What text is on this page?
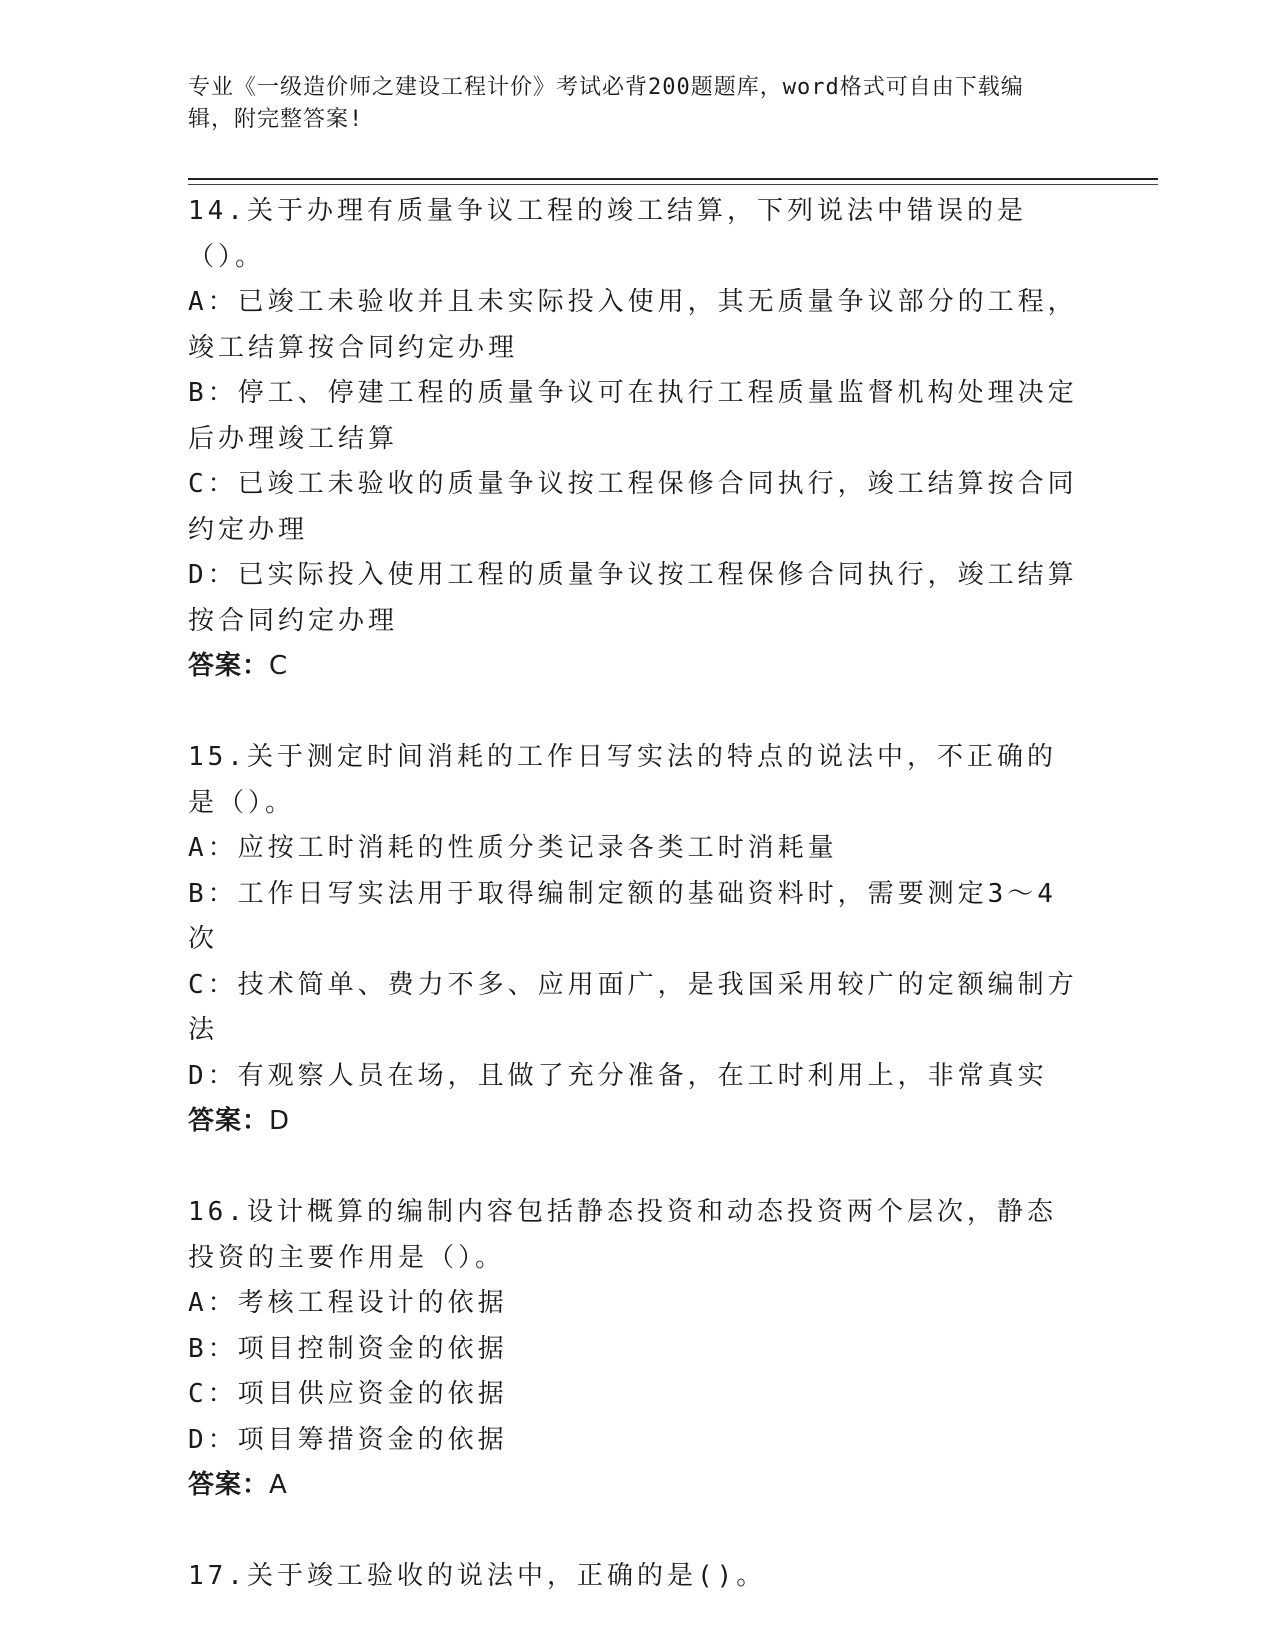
专业《一级造价师之建设工程计价》考试必背200题题库，word格式可自由下载编辑，附完整答案!

14.关于办理有质量争议工程的竣工结算，下列说法中错误的是（）。

A：已竣工未验收并且未实际投入使用，其无质量争议部分的工程，竣工结算按合同约定办理

B：停工、停建工程的质量争议可在执行工程质量监督机构处理决定后办理竣工结算

C：已竣工未验收的质量争议按工程保修合同执行，竣工结算按合同约定办理

D：已实际投入使用工程的质量争议按工程保修合同执行，竣工结算按合同约定办理

答案：C

15.关于测定时间消耗的工作日写实法的特点的说法中，不正确的是（）。

A：应按工时消耗的性质分类记录各类工时消耗量

B：工作日写实法用于取得编制定额的基础资料时，需要测定3～4次

C：技术简单、费力不多、应用面广，是我国采用较广的定额编制方法

D：有观察人员在场，且做了充分准备，在工时利用上，非常真实

答案：D

16.设计概算的编制内容包括静态投资和动态投资两个层次，静态投资的主要作用是（）。

A：考核工程设计的依据

B：项目控制资金的依据

C：项目供应资金的依据

D：项目筹措资金的依据

答案：A

17.关于竣工验收的说法中，正确的是()。
